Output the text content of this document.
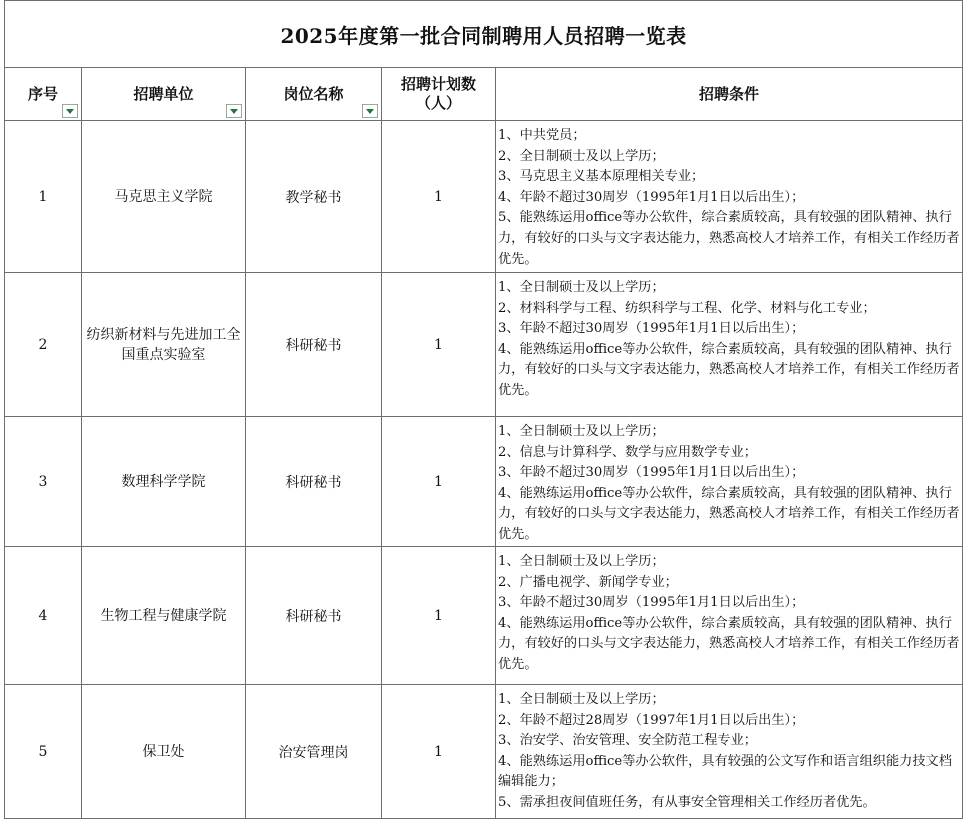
2025年度第一批合同制聘用人员招聘一览表				

序号	招聘单位	岗位名称	招聘计划数
（人）	招聘条件

1	马克思主义学院	教学秘书	1	1、中共党员；
2、全日制硕士及以上学历；
3、马克思主义基本原理相关专业；
4、年龄不超过30周岁（1995年1月1日以后出生）；
5、能熟练运用office等办公软件，综合素质较高，具有较强的团队精神、执行力，有较好的口头与文字表达能力，熟悉高校人才培养工作，有相关工作经历者优先。

2	纺织新材料与先进加工全国重点实验室	科研秘书	1	1、全日制硕士及以上学历；
2、材料科学与工程、纺织科学与工程、化学、材料与化工专业；
3、年龄不超过30周岁（1995年1月1日以后出生）；
4、能熟练运用office等办公软件，综合素质较高，具有较强的团队精神、执行力，有较好的口头与文字表达能力，熟悉高校人才培养工作，有相关工作经历者优先。

3	数理科学学院	科研秘书	1	1、全日制硕士及以上学历；
2、信息与计算科学、数学与应用数学专业；
3、年龄不超过30周岁（1995年1月1日以后出生）；
4、能熟练运用office等办公软件，综合素质较高，具有较强的团队精神、执行力，有较好的口头与文字表达能力，熟悉高校人才培养工作，有相关工作经历者优先。

4	生物工程与健康学院	科研秘书	1	1、全日制硕士及以上学历；
2、广播电视学、新闻学专业；
3、年龄不超过30周岁（1995年1月1日以后出生）；
4、能熟练运用office等办公软件，综合素质较高，具有较强的团队精神、执行力，有较好的口头与文字表达能力，熟悉高校人才培养工作，有相关工作经历者优先。

5	保卫处	治安管理岗	1	1、全日制硕士及以上学历；
2、年龄不超过28周岁（1997年1月1日以后出生）；
3、治安学、治安管理、安全防范工程专业；
4、能熟练运用office等办公软件，具有较强的公文写作和语言组织能力技文档编辑能力；
5、需承担夜间值班任务，有从事安全管理相关工作经历者优先。
